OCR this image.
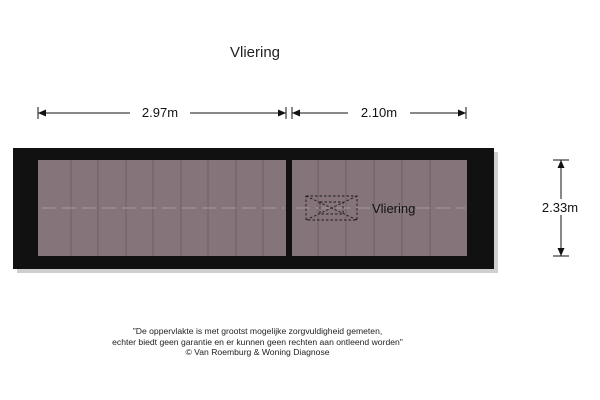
Vliering
Vliering
2.97m	2.10m
2.33m
"De oppervlakte is met grootst mogelijke zorgvuldigheid gemeten,
echter biedt geen garantie en er kunnen geen rechten aan ontleend worden"
© Van Roemburg & Woning Diagnose
